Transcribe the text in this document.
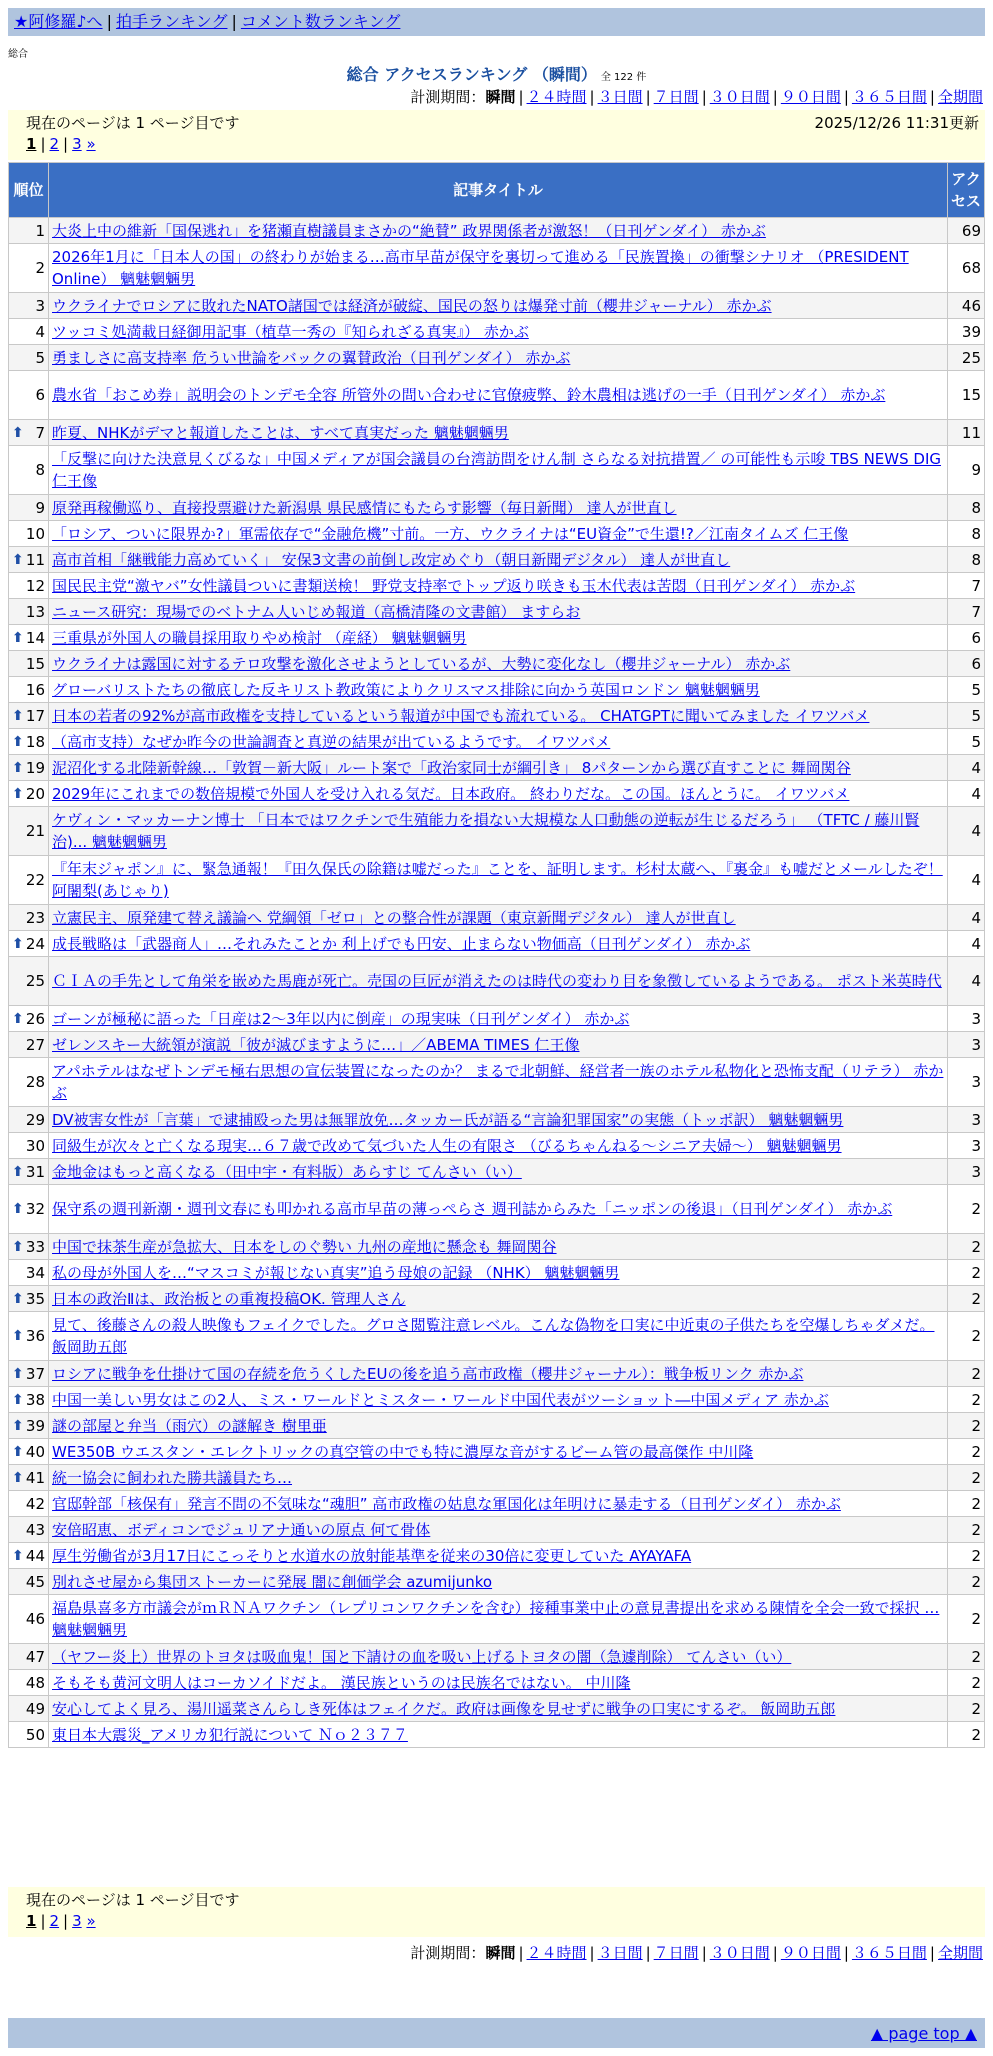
★阿修羅♪へ | 拍手ランキング | コメント数ランキング
総合
総合 アクセスランキング （瞬間） 全 122 件
計測期間：瞬間 | ２４時間 | ３日間 | ７日間 | ３０日間 | ９０日間 | ３６５日間 | 全期間
現在のページは 1 ページ目です	2025/12/26 11:31更新
1 | 2 | 3 »
順位	記事タイトル	アクセス
1	大炎上中の維新「国保逃れ」を猪瀬直樹議員まさかの“絶賛” 政界関係者が激怒！（日刊ゲンダイ） 赤かぶ	69
2	2026年1月に「日本人の国」の終わりが始まる…高市早苗が保守を裏切って進める「民族置換」の衝撃シナリオ （PRESIDENT Online） 魑魅魍魎男	68
3	ウクライナでロシアに敗れたNATO諸国では経済が破綻、国民の怒りは爆発寸前（櫻井ジャーナル） 赤かぶ	46
4	ツッコミ処満載日経御用記事（植草一秀の『知られざる真実』） 赤かぶ	39
5	勇ましさに高支持率 危うい世論をバックの翼賛政治（日刊ゲンダイ） 赤かぶ	25
6	農水省「おこめ券」説明会のトンデモ全容 所管外の問い合わせに官僚疲弊、鈴木農相は逃げの一手（日刊ゲンダイ） 赤かぶ	15

⬆ 7	昨夏、NHKがデマと報道したことは、すべて真実だった 魑魅魍魎男	11
8	「反撃に向けた決意見くびるな」中国メディアが国会議員の台湾訪問をけん制 さらなる対抗措置／ の可能性も示唆 TBS NEWS DIG 仁王像	9
9	原発再稼働巡り、直接投票避けた新潟県 県民感情にもたらす影響（毎日新聞） 達人が世直し	8
10	「ロシア、ついに限界か?」軍需依存で“金融危機”寸前。一方、ウクライナは“EU資金”で生還!?／江南タイムズ 仁王像	8

⬆ 11	高市首相「継戦能力高めていく」 安保3文書の前倒し改定めぐり（朝日新聞デジタル） 達人が世直し	8
12	国民民主党“激ヤバ”女性議員ついに書類送検！ 野党支持率でトップ返り咲きも玉木代表は苦悶（日刊ゲンダイ） 赤かぶ	7
13	ニュース研究：現場でのベトナム人いじめ報道（高橋清隆の文書館） ますらお	7

⬆ 14	三重県が外国人の職員採用取りやめ検討 （産経） 魑魅魍魎男	6
15	ウクライナは露国に対するテロ攻撃を激化させようとしているが、大勢に変化なし（櫻井ジャーナル） 赤かぶ	6
16	グローバリストたちの徹底した反キリスト教政策によりクリスマス排除に向かう英国ロンドン 魑魅魍魎男	5

⬆ 17	日本の若者の92%が高市政権を支持しているという報道が中国でも流れている。 CHATGPTに聞いてみました イワツバメ	5

⬆ 18	（高市支持）なぜか昨今の世論調査と真逆の結果が出ているようです。 イワツバメ	5

⬆ 19	泥沼化する北陸新幹線…「敦賀－新大阪」ルート案で「政治家同士が綱引き」 8パターンから選び直すことに 舞岡関谷	4

⬆ 20	2029年にこれまでの数倍規模で外国人を受け入れる気だ。日本政府。 終わりだな。この国。ほんとうに。 イワツバメ	4
21	ケヴィン・マッカーナン博士 「日本ではワクチンで生殖能力を損ない大規模な人口動態の逆転が生じるだろう」 （TFTC / 藤川賢治)... 魑魅魍魎男	4
22	『年末ジャポン』に、緊急通報！『田久保氏の除籍は嘘だった』ことを、証明します。杉村太蔵へ、『裏金』も嘘だとメールしたぞ！ 阿闍梨(あじゃり)	4
23	立憲民主、原発建て替え議論へ 党綱領「ゼロ」との整合性が課題（東京新聞デジタル） 達人が世直し	4

⬆ 24	成長戦略は「武器商人」…それみたことか 利上げでも円安、止まらない物価高（日刊ゲンダイ） 赤かぶ	4
25	ＣＩＡの手先として角栄を嵌めた馬鹿が死亡。売国の巨匠が消えたのは時代の変わり目を象徴しているようである。 ポスト米英時代	4

⬆ 26	ゴーンが極秘に語った「日産は2～3年以内に倒産」の現実味（日刊ゲンダイ） 赤かぶ	3
27	ゼレンスキー大統領が演説「彼が滅びますように…」／ABEMA TIMES 仁王像	3
28	アパホテルはなぜトンデモ極右思想の宣伝装置になったのか？ まるで北朝鮮、経営者一族のホテル私物化と恐怖支配（リテラ） 赤かぶ	3
29	DV被害女性が「言葉」で逮捕殴った男は無罪放免…タッカー氏が語る“言論犯罪国家”の実態（トッポ訳） 魑魅魍魎男	3
30	同級生が次々と亡くなる現実…６７歳で改めて気づいた人生の有限さ （びるちゃんねる～シニア夫婦～） 魑魅魍魎男	3

⬆ 31	金地金はもっと高くなる（田中宇・有料版）あらすじ てんさい（い）	3

⬆ 32	保守系の週刊新潮・週刊文春にも叩かれる高市早苗の薄っぺらさ 週刊誌からみた「ニッポンの後退」（日刊ゲンダイ） 赤かぶ	2

⬆ 33	中国で抹茶生産が急拡大、日本をしのぐ勢い 九州の産地に懸念も 舞岡関谷	2
34	私の母が外国人を…“マスコミが報じない真実”追う母娘の記録 （NHK） 魑魅魍魎男	2

⬆ 35	日本の政治Ⅱは、政治板との重複投稿OK. 管理人さん	2

⬆ 36	見て、後藤さんの殺人映像もフェイクでした。グロさ閲覧注意レベル。こんな偽物を口実に中近東の子供たちを空爆しちゃダメだ。 飯岡助五郎	2

⬆ 37	ロシアに戦争を仕掛けて国の存続を危うくしたEUの後を追う高市政権（櫻井ジャーナル）：戦争板リンク 赤かぶ	2

⬆ 38	中国一美しい男女はこの2人、ミス・ワールドとミスター・ワールド中国代表がツーショット―中国メディア 赤かぶ	2

⬆ 39	謎の部屋と弁当（雨穴）の謎解き 樹里亜	2

⬆ 40	WE350B ウエスタン・エレクトリックの真空管の中でも特に濃厚な音がするビーム管の最高傑作 中川隆	2

⬆ 41	統一協会に飼われた勝共議員たち…	2
42	官邸幹部「核保有」発言不問の不気味な“魂胆” 高市政権の姑息な軍国化は年明けに暴走する（日刊ゲンダイ） 赤かぶ	2
43	安倍昭恵、ボディコンでジュリアナ通いの原点 何て骨体	2

⬆ 44	厚生労働省が3月17日にこっそりと水道水の放射能基準を従来の30倍に変更していた AYAYAFA	2
45	別れさせ屋から集団ストーカーに発展 闇に創価学会 azumijunko	2
46	福島県喜多方市議会がｍＲＮＡワクチン（レプリコンワクチンを含む）接種事業中止の意見書提出を求める陳情を全会一致で採択 … 魑魅魍魎男	2
47	（ヤフー炎上）世界のトヨタは吸血鬼！国と下請けの血を吸い上げるトヨタの闇（急遽削除） てんさい（い）	2
48	そもそも黄河文明人はコーカソイドだよ。 漢民族というのは民族名ではない。 中川隆	2
49	安心してよく見ろ、湯川遥菜さんらしき死体はフェイクだ。政府は画像を見せずに戦争の口実にするぞ。 飯岡助五郎	2
50	東日本大震災_アメリカ犯行説について Ｎｏ２３７７	2
現在のページは 1 ページ目です
1 | 2 | 3 »
計測期間：瞬間 | ２４時間 | ３日間 | ７日間 | ３０日間 | ９０日間 | ３６５日間 | 全期間
▲ page top ▲
